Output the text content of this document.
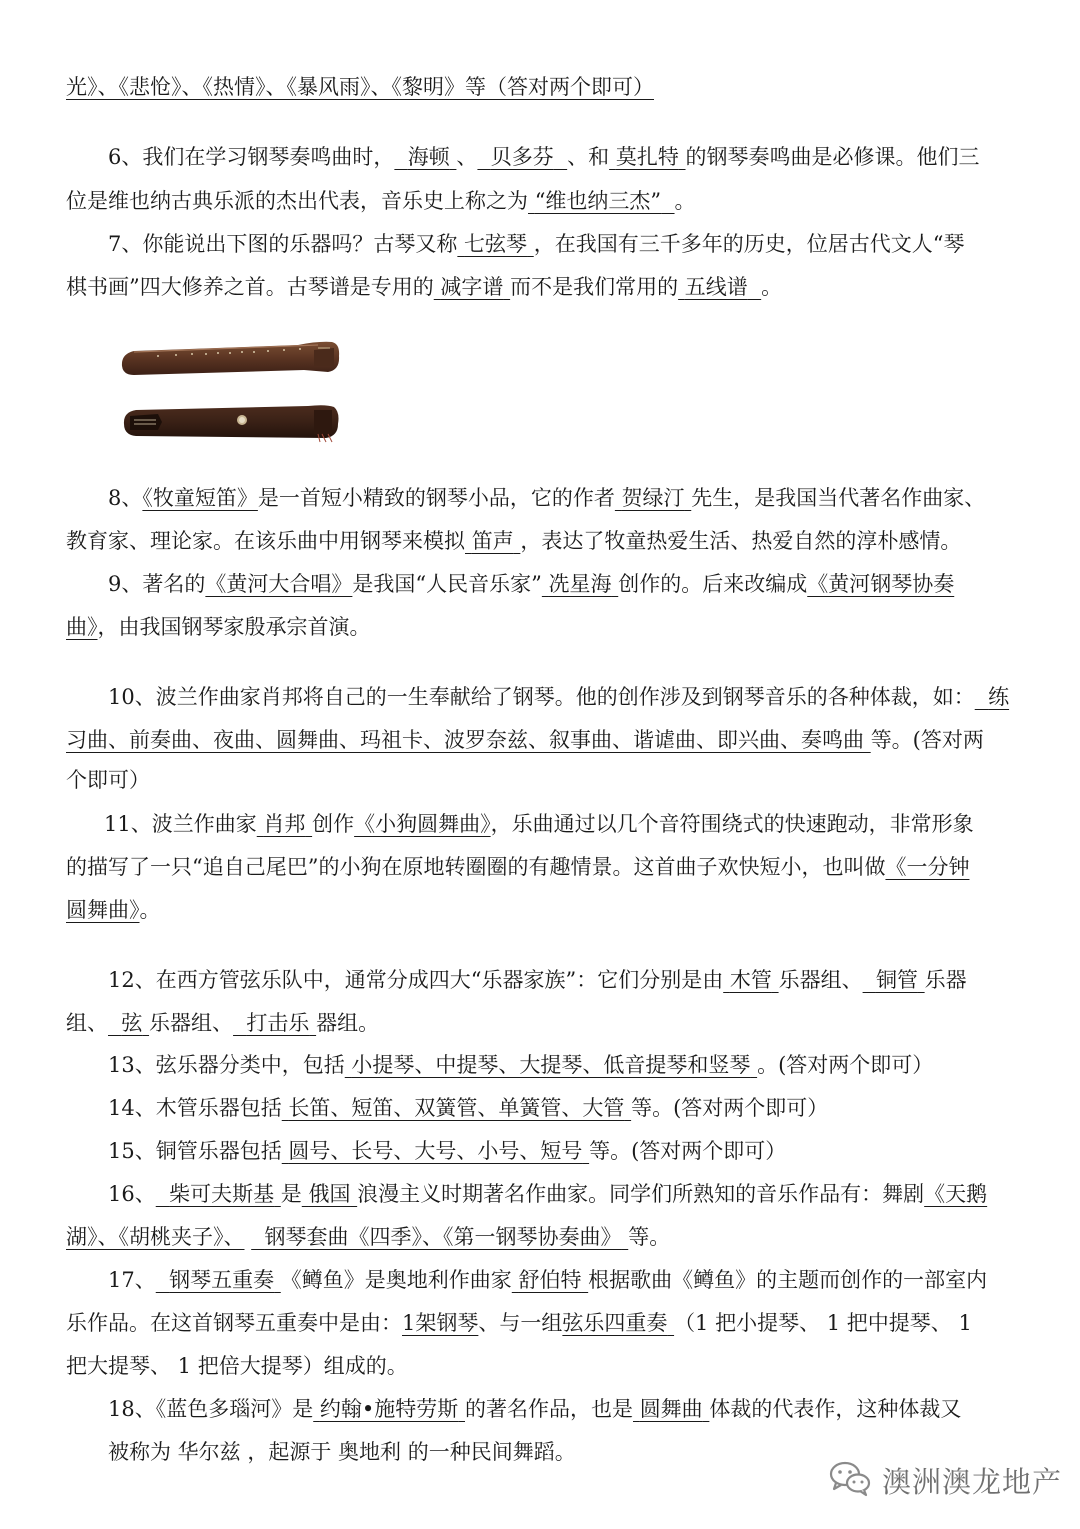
光》、《悲怆》、《热情》、《暴风雨》、《黎明》等（答对两个即可）
6、我们在学习钢琴奏鸣曲时， 海顿 、 贝多芬 、和 莫扎特 的钢琴奏鸣曲是必修课。他们三
位是维也纳古典乐派的杰出代表，音乐史上称之为 “维也纳三杰” 。
7、你能说出下图的乐器吗？古琴又称 七弦琴 ，在我国有三千多年的历史，位居古代文人“琴
棋书画”四大修养之首。古琴谱是专用的 减字谱 而不是我们常用的 五线谱 。
8、《牧童短笛》是一首短小精致的钢琴小品，它的作者 贺绿汀 先生，是我国当代著名作曲家、
教育家、理论家。在该乐曲中用钢琴来模拟 笛声 ，表达了牧童热爱生活、热爱自然的淳朴感情。
9、著名的《黄河大合唱》是我国“人民音乐家” 冼星海 创作的。后来改编成《黄河钢琴协奏
曲》，由我国钢琴家殷承宗首演。
10、波兰作曲家肖邦将自己的一生奉献给了钢琴。他的创作涉及到钢琴音乐的各种体裁，如： 练
习曲、前奏曲、夜曲、圆舞曲、玛祖卡、波罗奈兹、叙事曲、谐谑曲、即兴曲、奏鸣曲 等。(答对两
个即可）
11、波兰作曲家 肖邦 创作《小狗圆舞曲》，乐曲通过以几个音符围绕式的快速跑动，非常形象
的描写了一只“追自己尾巴”的小狗在原地转圈圈的有趣情景。这首曲子欢快短小，也叫做《一分钟
圆舞曲》。
12、在西方管弦乐队中，通常分成四大“乐器家族”：它们分别是由 木管 乐器组、 铜管 乐器
组、 弦 乐器组、 打击乐 器组。
13、弦乐器分类中，包括 小提琴、中提琴、大提琴、低音提琴和竖琴 。(答对两个即可）
14、木管乐器包括 长笛、短笛、双簧管、单簧管、大管 等。(答对两个即可）
15、铜管乐器包括 圆号、长号、大号、小号、短号 等。(答对两个即可）
16、 柴可夫斯基 是 俄国 浪漫主义时期著名作曲家。同学们所熟知的音乐作品有：舞剧《天鹅
湖》、《胡桃夹子》、 钢琴套曲《四季》、《第一钢琴协奏曲》 等。
17、 钢琴五重奏 《鳟鱼》是奥地利作曲家 舒伯特 根据歌曲《鳟鱼》的主题而创作的一部室内
乐作品。在这首钢琴五重奏中是由：1架钢琴、与一组弦乐四重奏 （1 把小提琴、 1 把中提琴、 1
把大提琴、 1 把倍大提琴）组成的。
18、《蓝色多瑙河》是 约翰•施特劳斯 的著名作品，也是 圆舞曲 体裁的代表作，这种体裁又
被称为 华尔兹 ，起源于 奥地利 的一种民间舞蹈。
澳洲澳龙地产
